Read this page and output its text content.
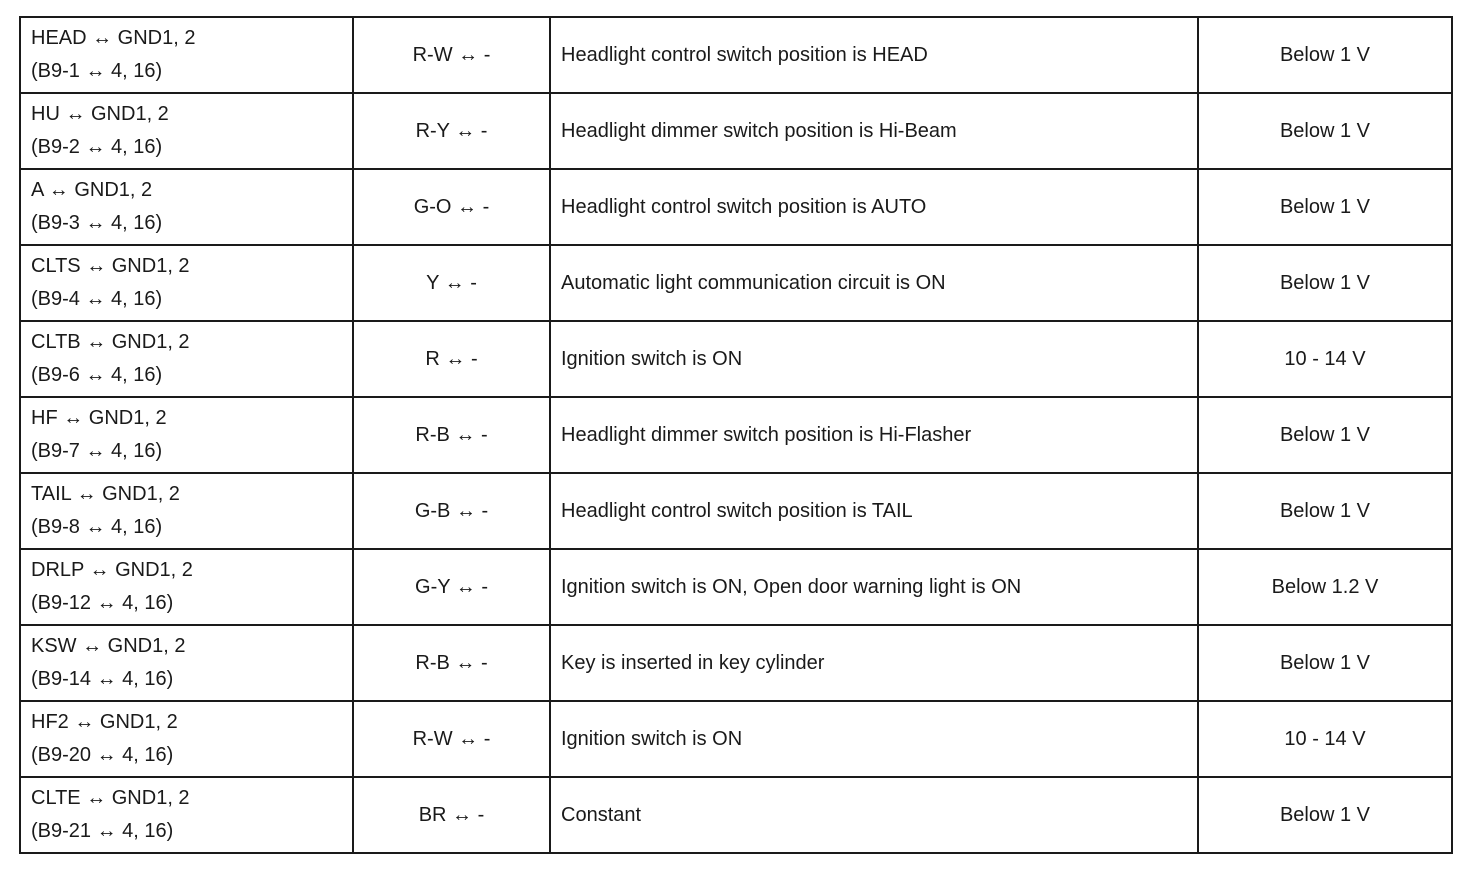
HEAD ↔ GND1, 2
(B9-1 ↔ 4, 16)	R-W ↔ -	Headlight control switch position is HEAD	Below 1 V

HU ↔ GND1, 2
(B9-2 ↔ 4, 16)	R-Y ↔ -	Headlight dimmer switch position is Hi-Beam	Below 1 V

A ↔ GND1, 2
(B9-3 ↔ 4, 16)	G-O ↔ -	Headlight control switch position is AUTO	Below 1 V

CLTS ↔ GND1, 2
(B9-4 ↔ 4, 16)	Y ↔ -	Automatic light communication circuit is ON	Below 1 V

CLTB ↔ GND1, 2
(B9-6 ↔ 4, 16)	R ↔ -	Ignition switch is ON	10 - 14 V

HF ↔ GND1, 2
(B9-7 ↔ 4, 16)	R-B ↔ -	Headlight dimmer switch position is Hi-Flasher	Below 1 V

TAIL ↔ GND1, 2
(B9-8 ↔ 4, 16)	G-B ↔ -	Headlight control switch position is TAIL	Below 1 V

DRLP ↔ GND1, 2
(B9-12 ↔ 4, 16)	G-Y ↔ -	Ignition switch is ON, Open door warning light is ON	Below 1.2 V

KSW ↔ GND1, 2
(B9-14 ↔ 4, 16)	R-B ↔ -	Key is inserted in key cylinder	Below 1 V

HF2 ↔ GND1, 2
(B9-20 ↔ 4, 16)	R-W ↔ -	Ignition switch is ON	10 - 14 V

CLTE ↔ GND1, 2
(B9-21 ↔ 4, 16)	BR ↔ -	Constant	Below 1 V
